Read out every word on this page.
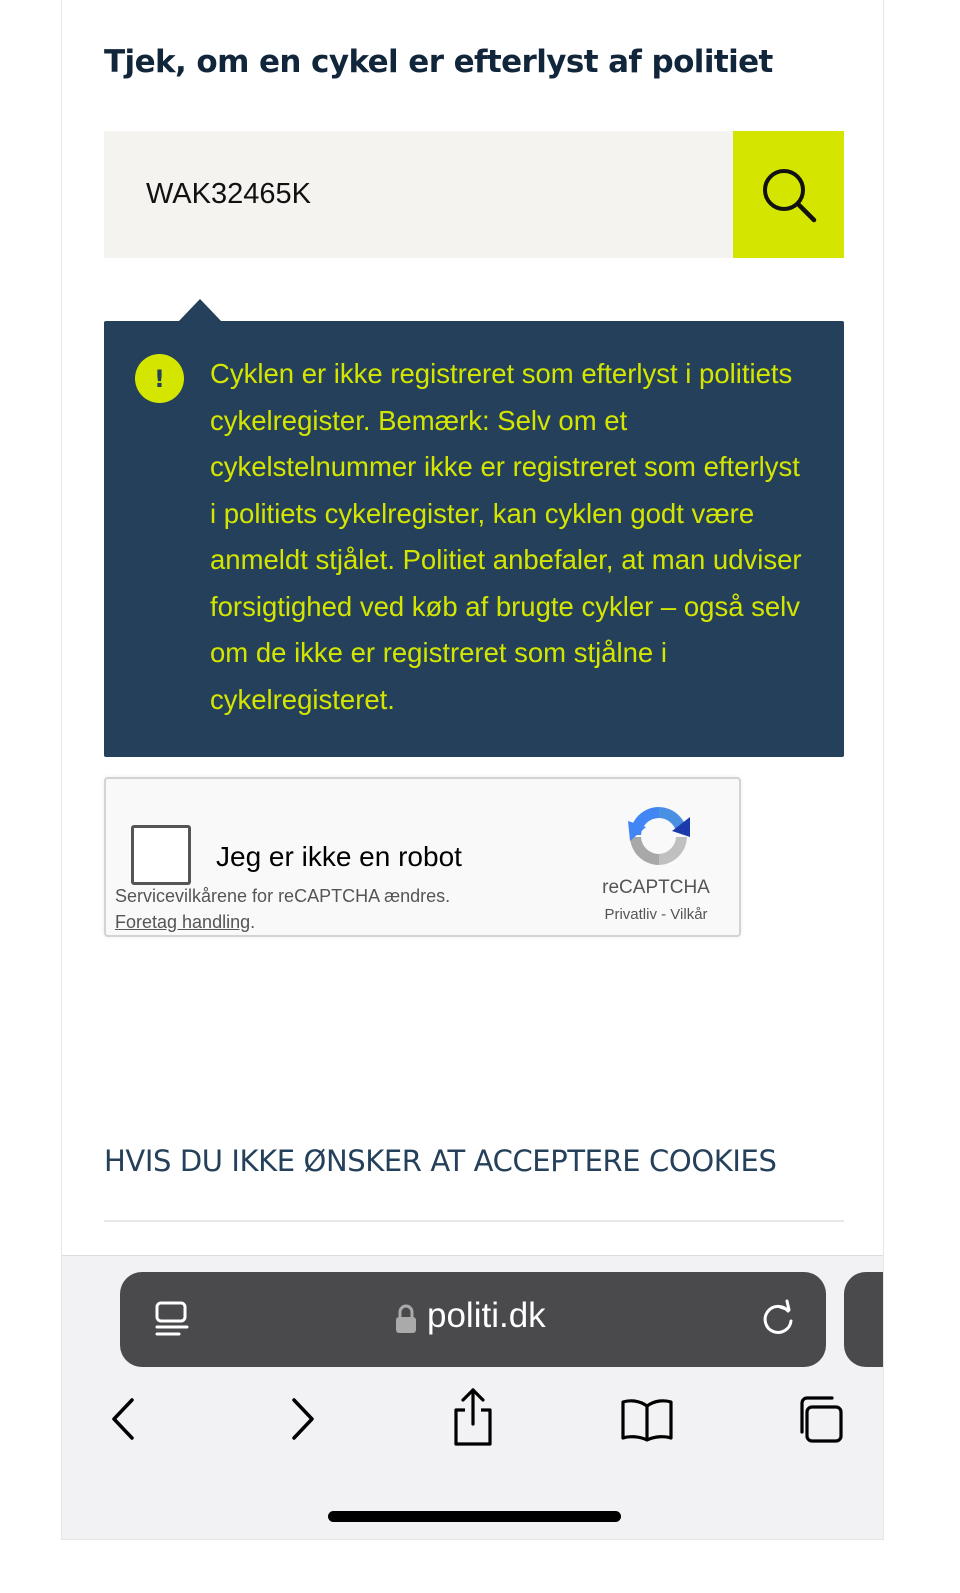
Tjek, om en cykel er efterlyst af politiet
WAK32465K
!	Cyklen er ikke registreret som efterlyst i politiets cykelregister. Bemærk: Selv om et cykelstelnummer ikke er registreret som efterlyst i politiets cykelregister, kan cyklen godt være anmeldt stjålet. Politiet anbefaler, at man udviser forsigtighed ved køb af brugte cykler – også selv om de ikke er registreret som stjålne i cykelregisteret.

Jeg er ikke en robot
Servicevilkårene for reCAPTCHA ændres.
Foretag handling.
reCAPTCHA
Privatliv - Vilkår
HVIS DU IKKE ØNSKER AT ACCEPTERE COOKIES
politi.dk
